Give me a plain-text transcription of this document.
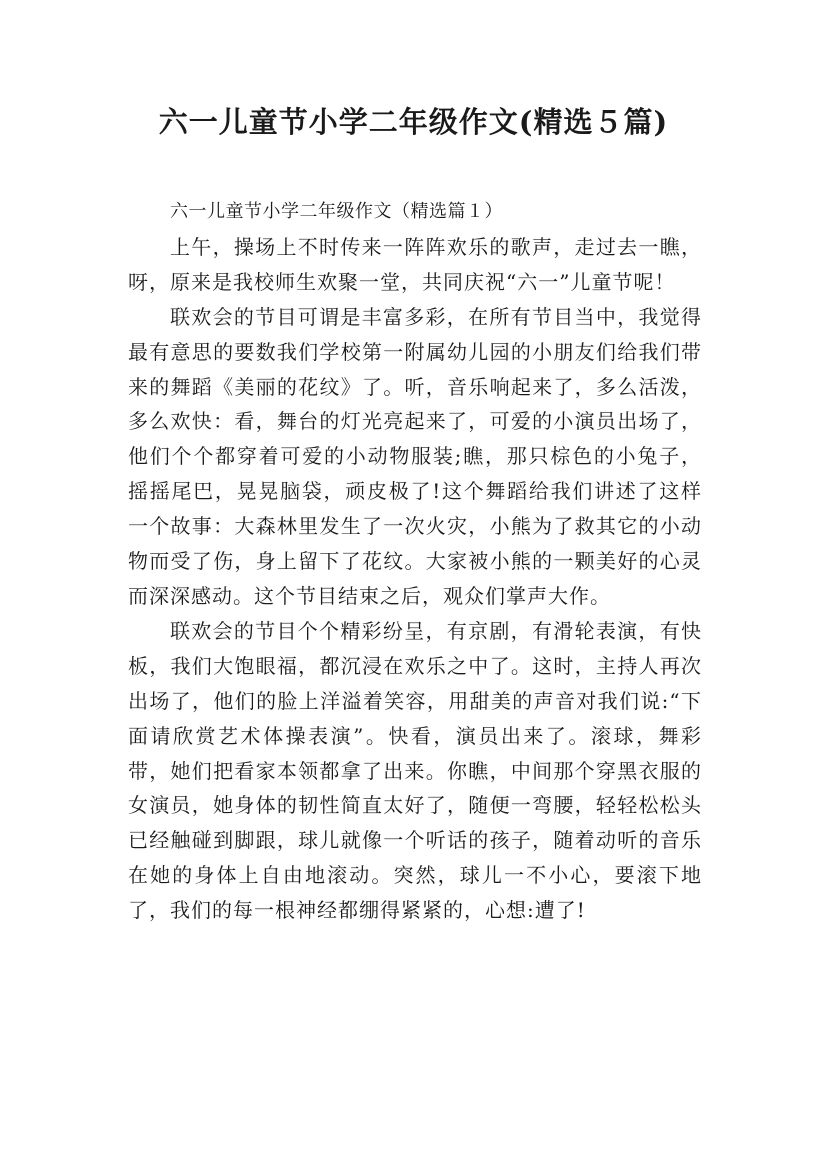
六一儿童节小学二年级作文(精选５篇)

六一儿童节小学二年级作文（精选篇１）

上午，操场上不时传来一阵阵欢乐的歌声，走过去一瞧，呀，原来是我校师生欢聚一堂，共同庆祝“六一”儿童节呢！

联欢会的节目可谓是丰富多彩，在所有节目当中，我觉得最有意思的要数我们学校第一附属幼儿园的小朋友们给我们带来的舞蹈《美丽的花纹》了。听，音乐响起来了，多么活泼，多么欢快：看，舞台的灯光亮起来了，可爱的小演员出场了，他们个个都穿着可爱的小动物服装;瞧，那只棕色的小兔子，摇摇尾巴，晃晃脑袋，顽皮极了!这个舞蹈给我们讲述了这样一个故事：大森林里发生了一次火灾，小熊为了救其它的小动物而受了伤，身上留下了花纹。大家被小熊的一颗美好的心灵而深深感动。这个节目结束之后，观众们掌声大作。

联欢会的节目个个精彩纷呈，有京剧，有滑轮表演，有快板，我们大饱眼福，都沉浸在欢乐之中了。这时，主持人再次出场了，他们的脸上洋溢着笑容，用甜美的声音对我们说:“下面请欣赏艺术体操表演”。快看，演员出来了。滚球，舞彩带，她们把看家本领都拿了出来。你瞧，中间那个穿黑衣服的女演员，她身体的韧性简直太好了，随便一弯腰，轻轻松松头已经触碰到脚跟，球儿就像一个听话的孩子，随着动听的音乐在她的身体上自由地滚动。突然，球儿一不小心，要滚下地了，我们的每一根神经都绷得紧紧的，心想:遭了!
